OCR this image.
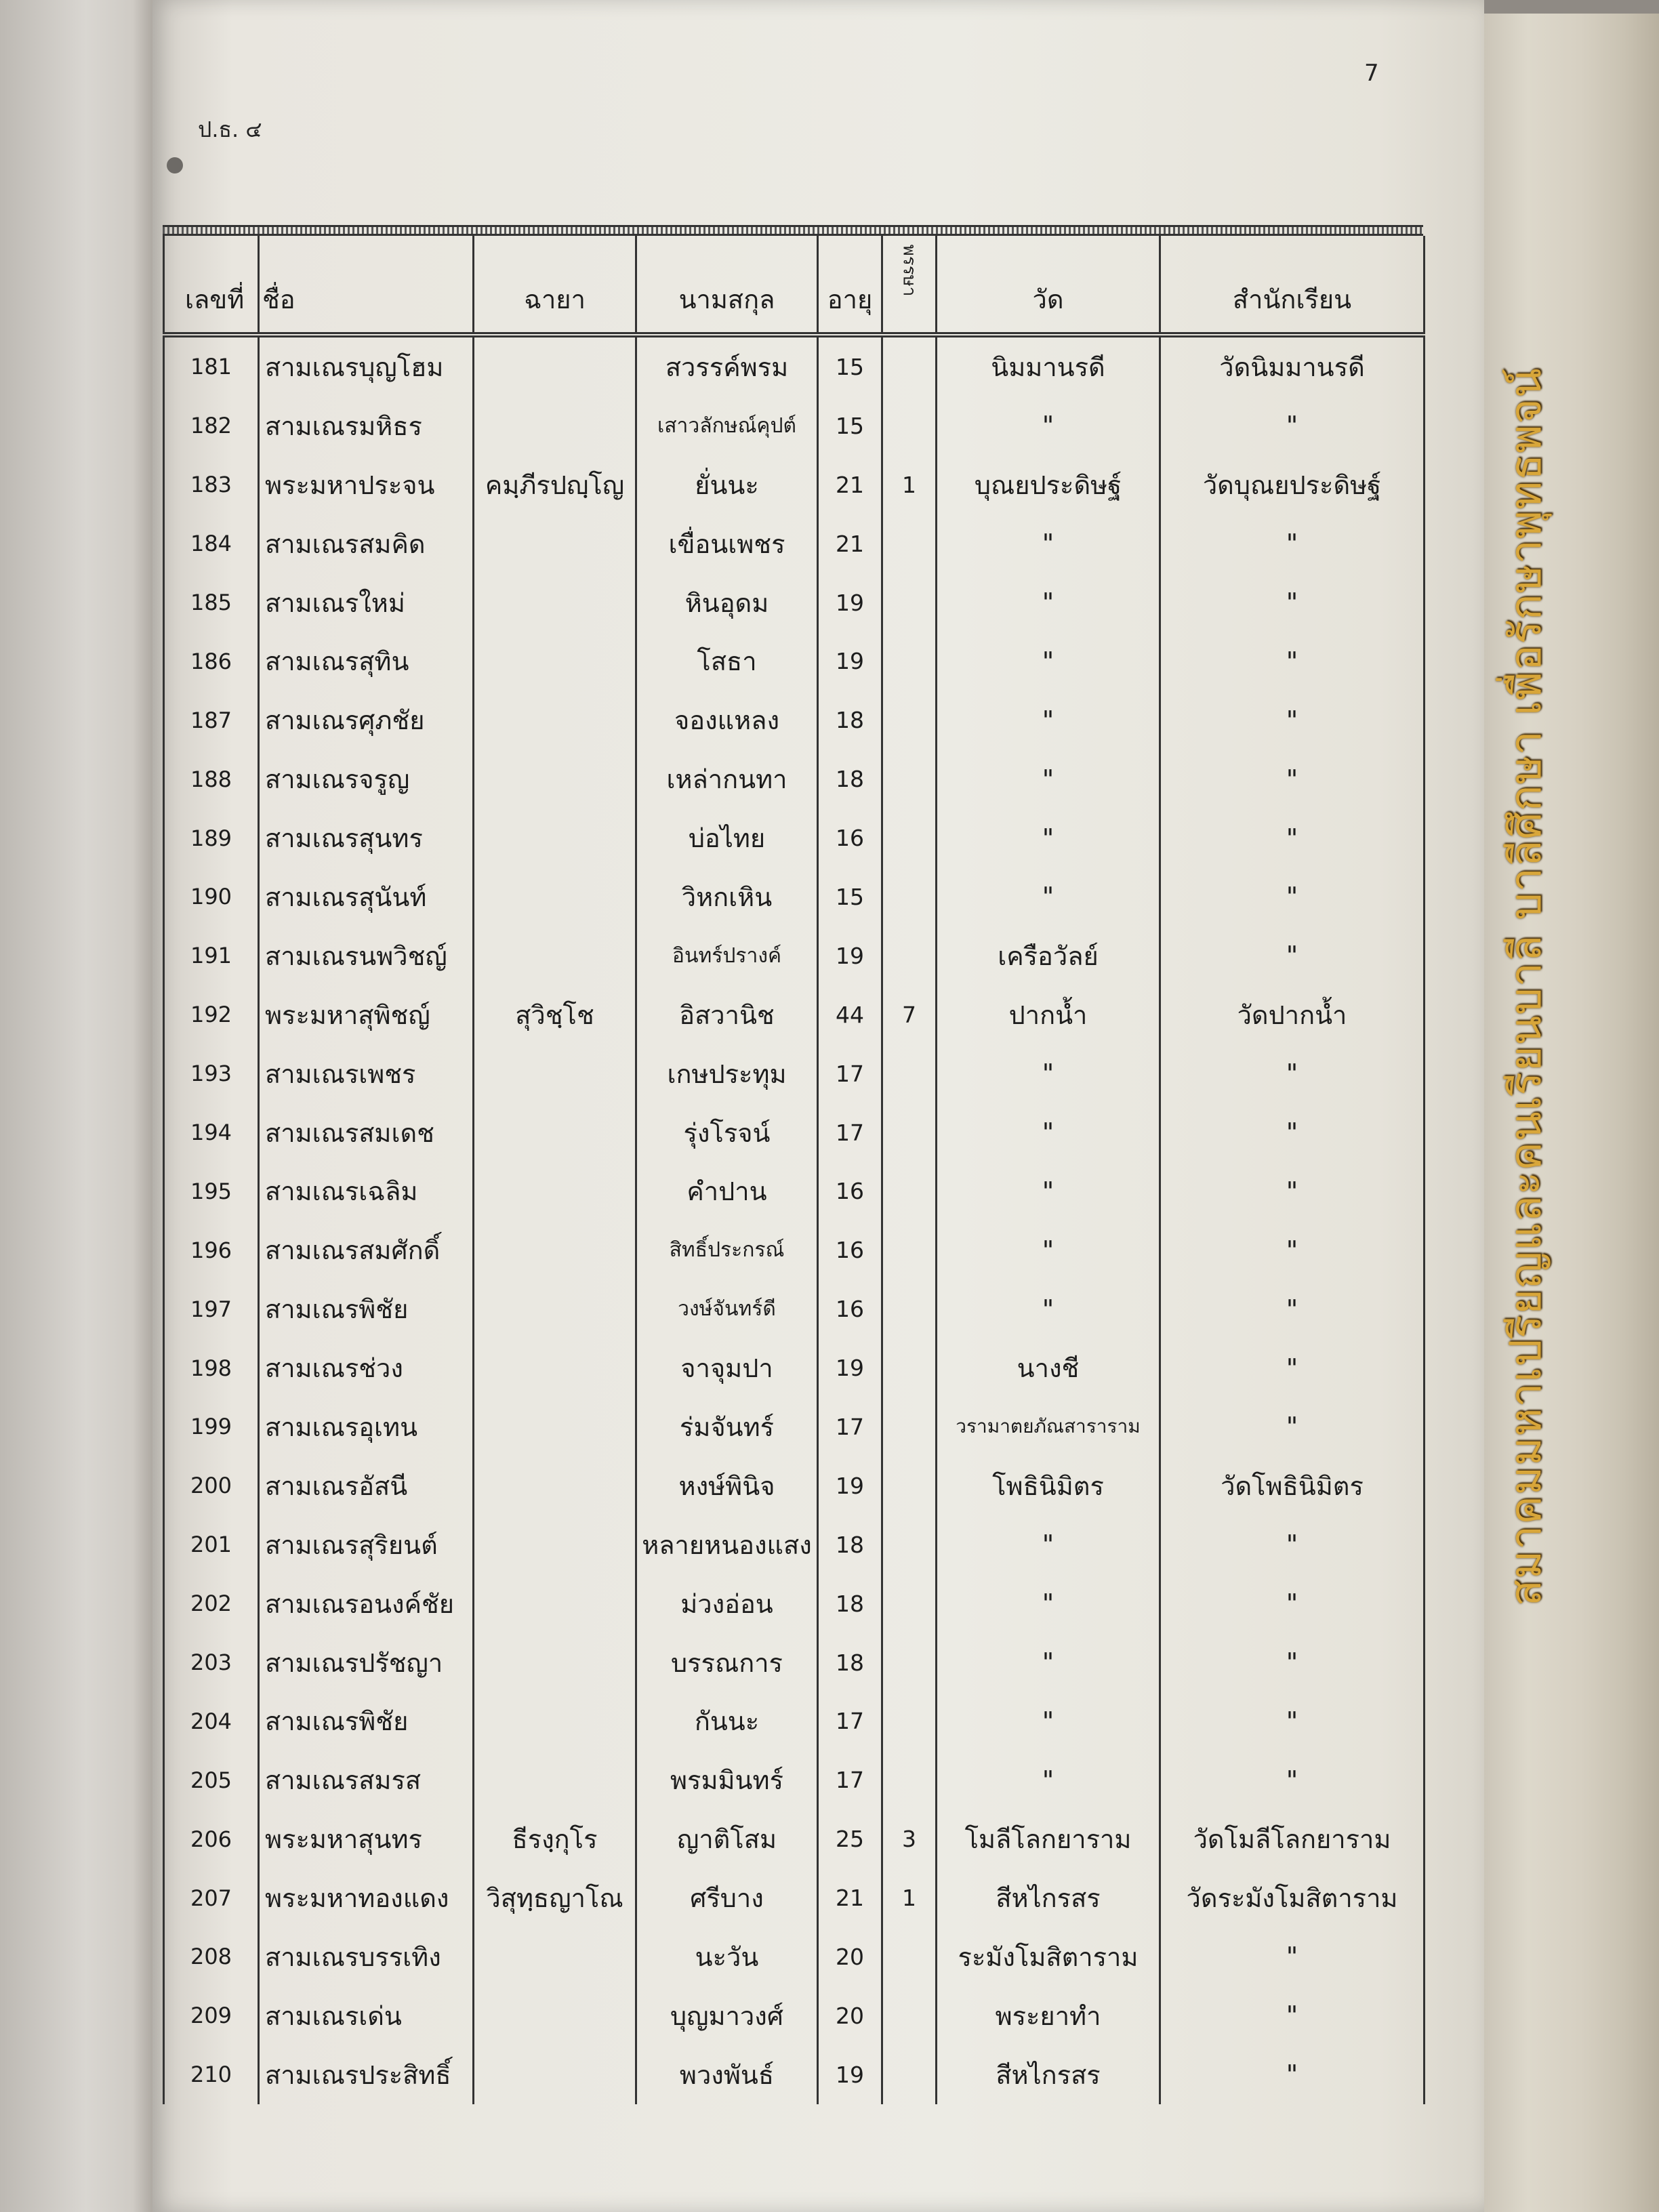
7
ป.ธ. ๔
เลขที่	ชื่อ	ฉายา	นามสกุล	อายุ	พรรษา	วัด	สำนักเรียน
181	สามเณรบุญโฮม		สวรรค์พรม	15		นิมมานรดี	วัดนิมมานรดี
182	สามเณรมหิธร		เสาวลักษณ์คุปต์	15		"	"
183	พระมหาประจน	คมฺภีรปญฺโญ	ยั่นนะ	21	1	บุณยประดิษฐ์	วัดบุณยประดิษฐ์
184	สามเณรสมคิด		เขื่อนเพชร	21		"	"
185	สามเณรใหม่		หินอุดม	19		"	"
186	สามเณรสุทิน		โสธา	19		"	"
187	สามเณรศุภชัย		จองแหลง	18		"	"
188	สามเณรจรูญ		เหล่ากนทา	18		"	"
189	สามเณรสุนทร		บ่อไทย	16		"	"
190	สามเณรสุนันท์		วิหกเหิน	15		"	"
191	สามเณรนพวิชญ์		อินทร์ปรางค์	19		เครือวัลย์	"
192	พระมหาสุพิชญ์	สุวิชฺโช	อิสวานิช	44	7	ปากน้ำ	วัดปากน้ำ
193	สามเณรเพชร		เกษประทุม	17		"	"
194	สามเณรสมเดช		รุ่งโรจน์	17		"	"
195	สามเณรเฉลิม		คำปาน	16		"	"
196	สามเณรสมศักดิ์		สิทธิ์ประกรณ์	16		"	"
197	สามเณรพิชัย		วงษ์จันทร์ดี	16		"	"
198	สามเณรช่วง		จาจุมปา	19		นางชี	"
199	สามเณรอุเทน		ร่มจันทร์	17		วรามาตยภัณสาราราม	"
200	สามเณรอัสนี		หงษ์พินิจ	19		โพธินิมิตร	วัดโพธินิมิตร
201	สามเณรสุริยนต์		หลายหนองแสง	18		"	"
202	สามเณรอนงค์ชัย		ม่วงอ่อน	18		"	"
203	สามเณรปรัชญา		บรรณการ	18		"	"
204	สามเณรพิชัย		กันนะ	17		"	"
205	สามเณรสมรส		พรมมินทร์	17		"	"
206	พระมหาสุนทร	ธีรงฺกุโร	ญาติโสม	25	3	โมลีโลกยาราม	วัดโมลีโลกยาราม
207	พระมหาทองแดง	วิสุทฺธญาโณ	ศรีบาง	21	1	สีหไกรสร	วัดระมังโมสิตาราม
208	สามเณรบรรเทิง		นะวัน	20		ระมังโมสิตาราม	"
209	สามเณรเด่น		บุญมาวงศ์	20		พระยาทำ	"
210	สามเณรประสิทธิ์		พวงพันธ์	19		สีหไกรสร	"
สมาคมมหาเปรียญและคนเรียนบาลี บาลีศึกษา เพื่อรักษาพุทธพจน์
